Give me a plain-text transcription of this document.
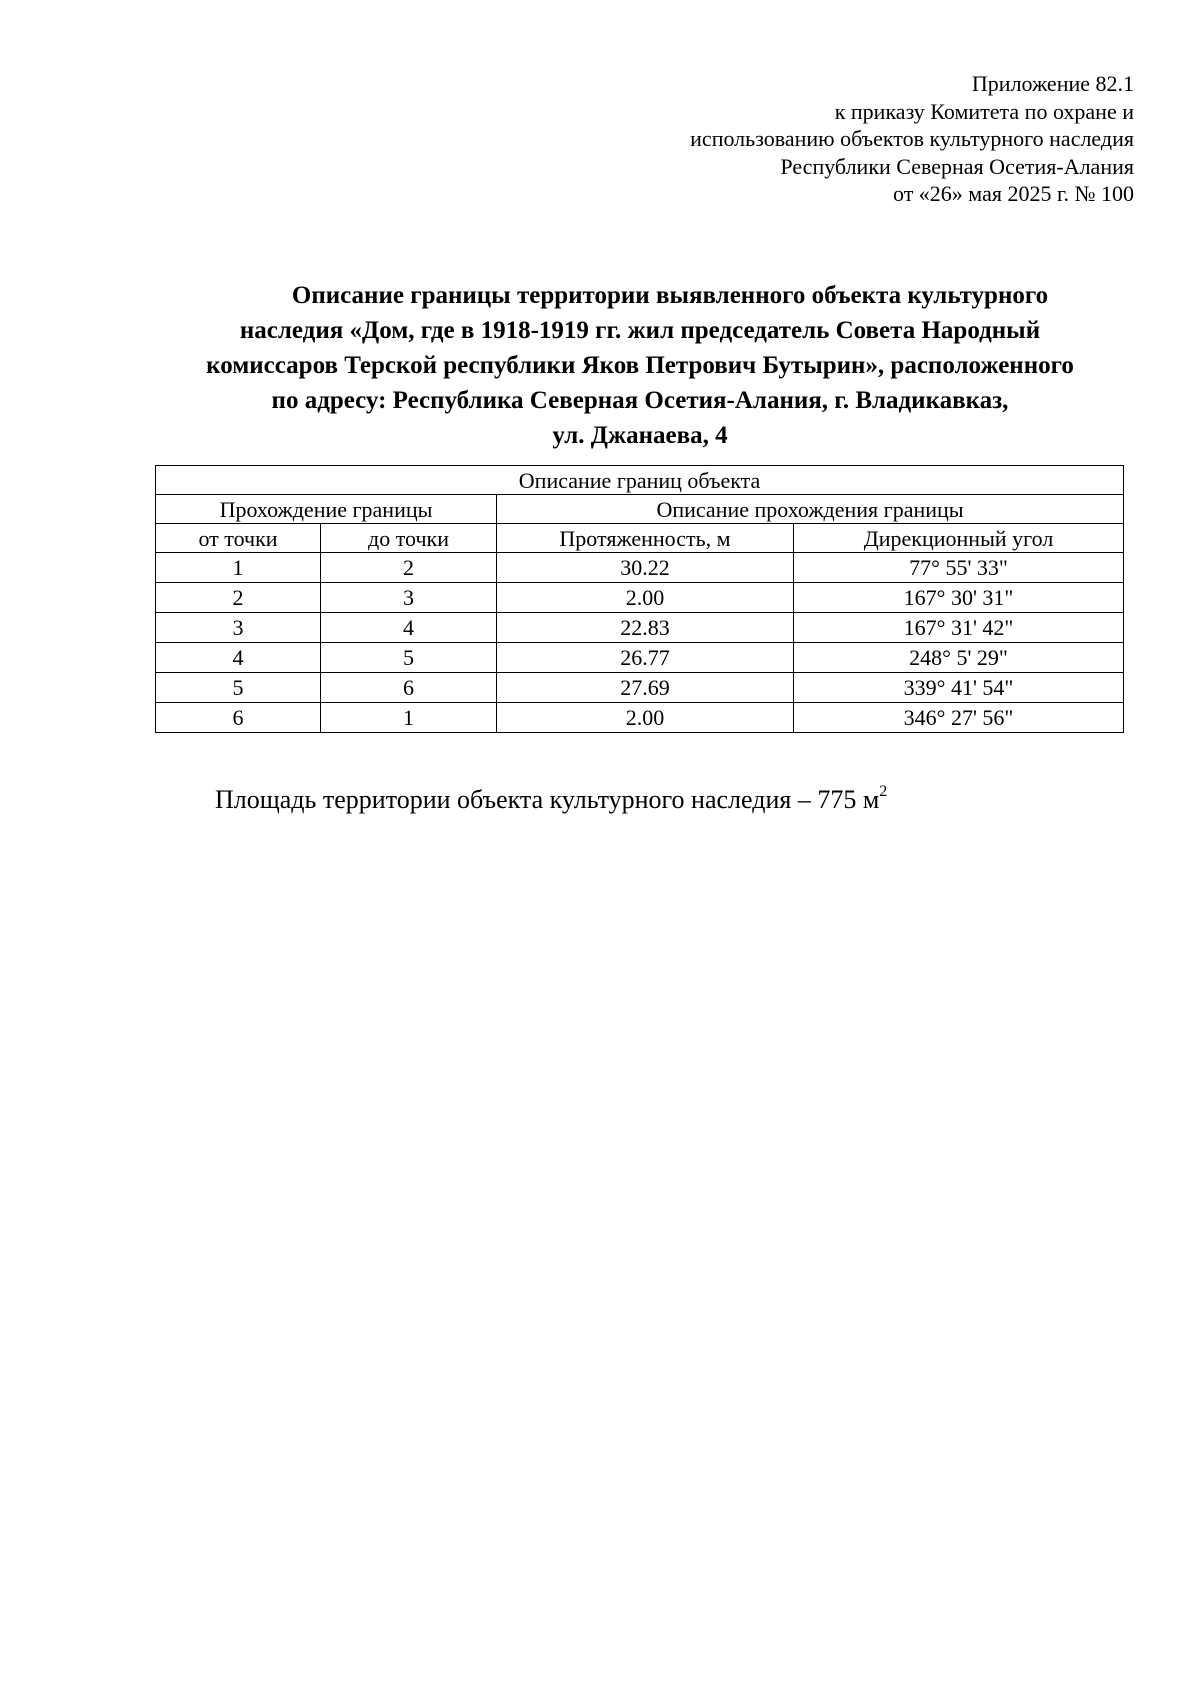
Приложение 82.1
к приказу Комитета по охране и
использованию объектов культурного наследия
Республики Северная Осетия-Алания
от «26» мая 2025 г. № 100
Описание границы территории выявленного объекта культурного
наследия «Дом, где в 1918-1919 гг. жил председатель Совета Народный
комиссаров Терской республики Яков Петрович Бутырин», расположенного
по адресу: Республика Северная Осетия-Алания, г. Владикавказ,
ул. Джанаева, 4
Описание границ объекта			
Прохождение границы		Описание прохождения границы	
от точки	до точки	Протяженность, м	Дирекционный угол
1	2	30.22	77° 55' 33"
2	3	2.00	167° 30' 31"
3	4	22.83	167° 31' 42"
4	5	26.77	248° 5' 29"
5	6	27.69	339° 41' 54"
6	1	2.00	346° 27' 56"
Площадь территории объекта культурного наследия – 775 $м^2$
